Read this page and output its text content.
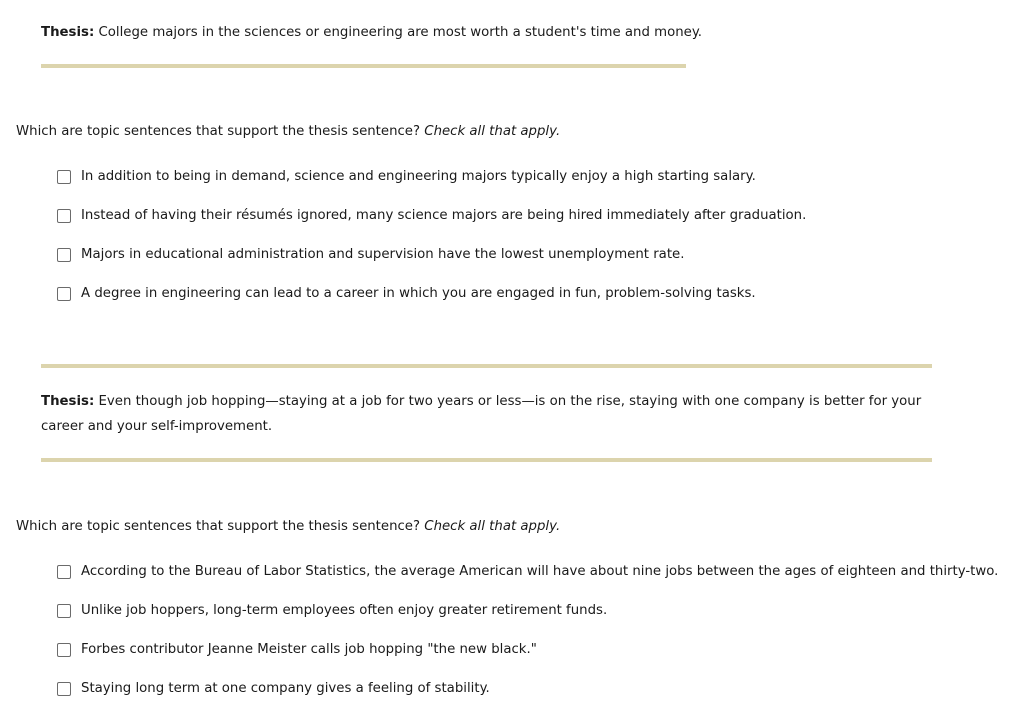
Thesis: College majors in the sciences or engineering are most worth a student's time and money.

Which are topic sentences that support the thesis sentence? Check all that apply.

In addition to being in demand, science and engineering majors typically enjoy a high starting salary.
Instead of having their résumés ignored, many science majors are being hired immediately after graduation.
Majors in educational administration and supervision have the lowest unemployment rate.
A degree in engineering can lead to a career in which you are engaged in fun, problem-solving tasks.

Thesis: Even though job hopping—staying at a job for two years or less—is on the rise, staying with one company is better for your
career and your self-improvement.

Which are topic sentences that support the thesis sentence? Check all that apply.

According to the Bureau of Labor Statistics, the average American will have about nine jobs between the ages of eighteen and thirty-two.
Unlike job hoppers, long-term employees often enjoy greater retirement funds.
Forbes contributor Jeanne Meister calls job hopping "the new black."
Staying long term at one company gives a feeling of stability.
